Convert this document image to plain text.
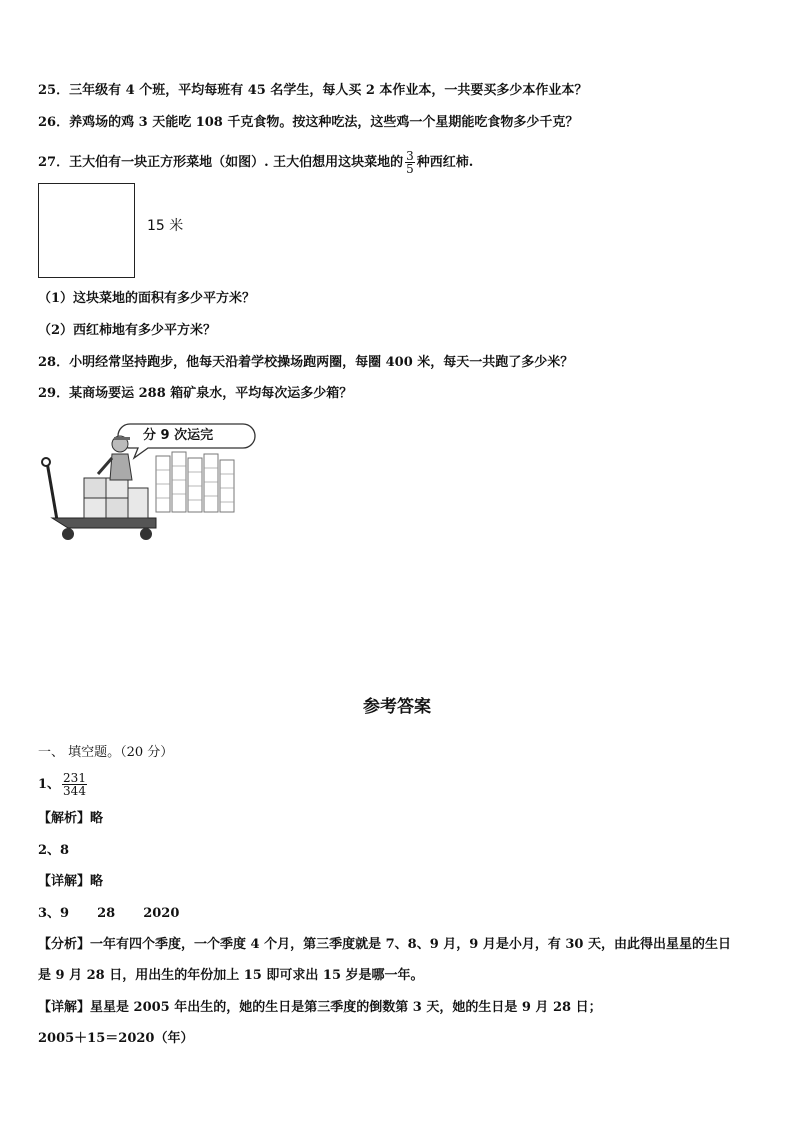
25．三年级有 4 个班，平均每班有 45 名学生，每人买 2 本作业本，一共要买多少本作业本？
26．养鸡场的鸡 3 天能吃 108 千克食物。按这种吃法，这些鸡一个星期能吃食物多少千克？
27．王大伯有一块正方形菜地（如图）. 王大伯想用这块菜地的 $\frac{3}{5}$ 种西红柿.
15 米
（1）这块菜地的面积有多少平方米？
（2）西红柿地有多少平方米？
28．小明经常坚持跑步，他每天沿着学校操场跑两圈，每圈 400 米，每天一共跑了多少米？
29．某商场要运 288 箱矿泉水，平均每次运多少箱？
分 9 次运完
参考答案
一、 填空题。（20 分）
1、 $\frac{231}{344}$
【解析】略
2、8
【详解】略
3、9 28 2020
【分析】一年有四个季度，一个季度 4 个月，第三季度就是 7、8、9 月，9 月是小月，有 30 天，由此得出星星的生日
是 9 月 28 日，用出生的年份加上 15 即可求出 15 岁是哪一年。
【详解】星星是 2005 年出生的，她的生日是第三季度的倒数第 3 天，她的生日是 9 月 28 日；
2005＋15＝2020（年）
